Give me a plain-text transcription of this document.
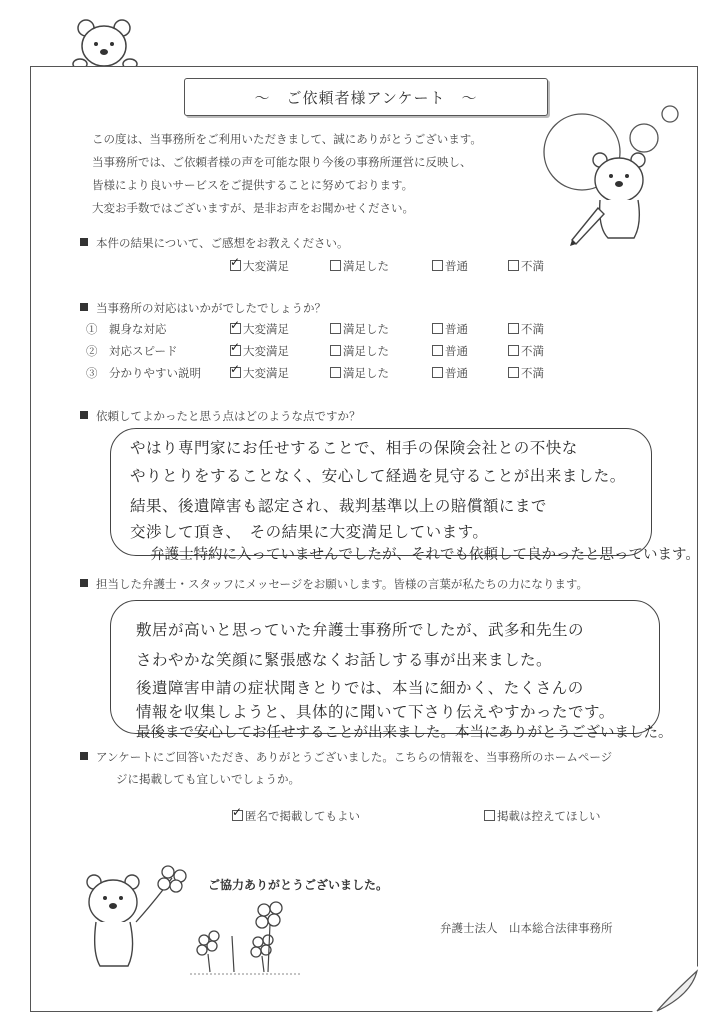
～　ご依頼者様アンケート　～
この度は、当事務所をご利用いただきまして、誠にありがとうございます。
当事務所では、ご依頼者様の声を可能な限り今後の事務所運営に反映し、
皆様により良いサービスをご提供することに努めております。
大変お手数ではございますが、是非お声をお聞かせください。
本件の結果について、ご感想をお教えください。
✓大変満足	満足した	普通	不満
当事務所の対応はいかがでしたでしょうか？
①　 親身な対応 ✓	大変満足	満足した	普通	不満
②　 対応スピード ✓	大変満足	満足した	普通	不満
③　 分かりやすい説明 ✓	大変満足	満足した	普通	不満
依頼してよかったと思う点はどのような点ですか？
やはり専門家にお任せすることで、相手の保険会社との不快な
やりとりをすることなく、安心して経過を見守ることが出来ました。
結果、後遺障害も認定され、裁判基準以上の賠償額にまで
交渉して頂き、　その結果に大変満足しています。
弁護士特約に入っていませんでしたが、それでも依頼して良かったと思っています。
担当した弁護士・スタッフにメッセージをお願いします。皆様の言葉が私たちの力になります。
敷居が高いと思っていた弁護士事務所でしたが、武多和先生の
さわやかな笑顔に緊張感なくお話しする事が出来ました。
後遺障害申請の症状聞きとりでは、本当に細かく、たくさんの
情報を収集しようと、具体的に聞いて下さり伝えやすかったです。
最後まで安心してお任せすることが出来ました。本当にありがとうございました。
アンケートにご回答いただき、ありがとうございました。こちらの情報を、当事務所のホームページ
ジに掲載しても宜しいでしょうか。
✓匿名で掲載してもよい	掲載は控えてほしい
ご協力ありがとうございました。
弁護士法人　山本総合法律事務所
